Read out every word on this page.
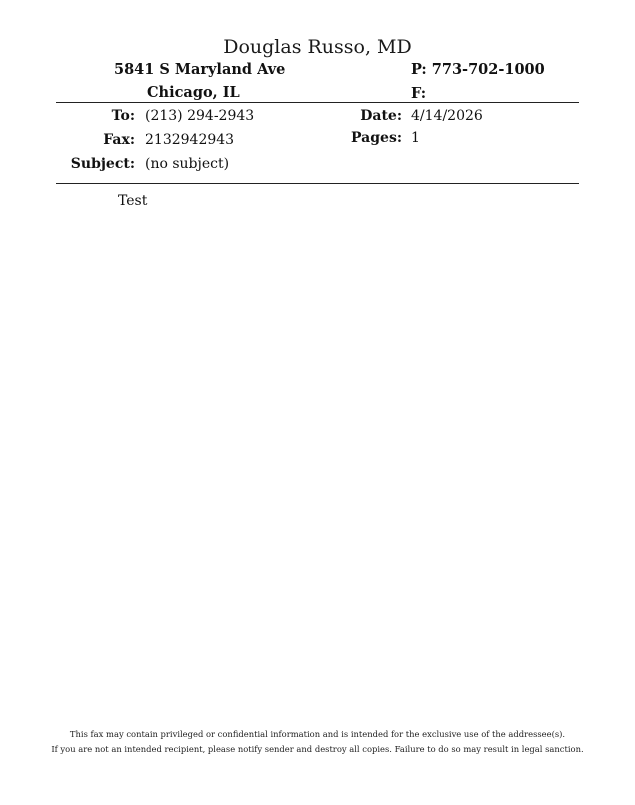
Douglas Russo, MD
5841 S Maryland Ave
Chicago, IL
P: 773-702-1000
F:
To: (213) 294-2943
Fax: 2132942943
Subject: (no subject)
Date: 4/14/2026
Pages: 1
Test
This fax may contain privileged or confidential information and is intended for the exclusive use of the addressee(s).
If you are not an intended recipient, please notify sender and destroy all copies. Failure to do so may result in legal sanction.
